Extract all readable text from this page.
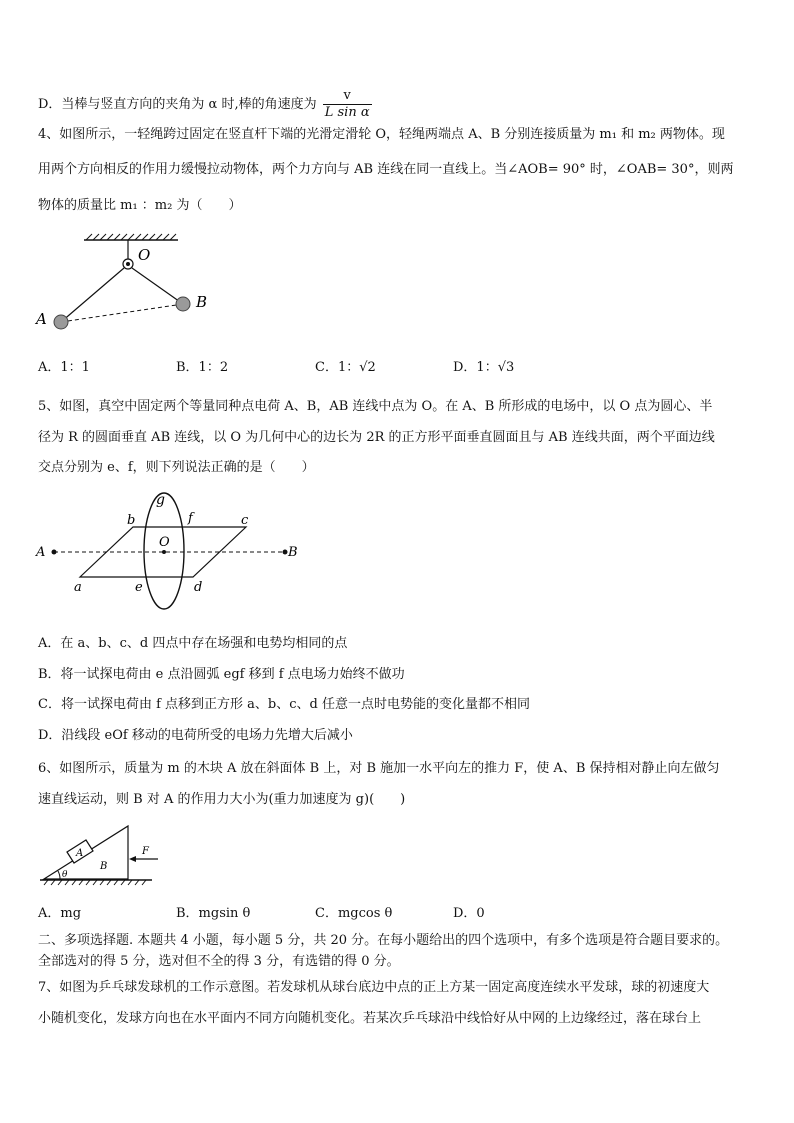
D．当棒与竖直方向的夹角为 α 时,棒的角速度为 $\frac{v}{\text{L sin α}}$
4、如图所示，一轻绳跨过固定在竖直杆下端的光滑定滑轮 O，轻绳两端点 A、B 分别连接质量为 m₁ 和 m₂ 两物体。现
用两个方向相反的作用力缓慢拉动物体，两个力方向与 AB 连线在同一直线上。当∠AOB= 90° 时，∠OAB= 30°，则两
物体的质量比 m₁ ：m₂ 为（　　）
O
A
B
A．1：1	B．1：2	C．1：√2	D．1：√3
5、如图，真空中固定两个等量同种点电荷 A、B，AB 连线中点为 O。在 A、B 所形成的电场中，以 O 点为圆心、半
径为 R 的圆面垂直 AB 连线，以 O 为几何中心的边长为 2R 的正方形平面垂直圆面且与 AB 连线共面，两个平面边线
交点分别为 e、f，则下列说法正确的是（　　）
g
b	f	c
A
O
B
a	e	d
A．在 a、b、c、d 四点中存在场强和电势均相同的点
B．将一试探电荷由 e 点沿圆弧 egf 移到 f 点电场力始终不做功
C．将一试探电荷由 f 点移到正方形 a、b、c、d 任意一点时电势能的变化量都不相同
D．沿线段 eOf 移动的电荷所受的电场力先增大后减小
6、如图所示，质量为 m 的木块 A 放在斜面体 B 上，对 B 施加一水平向左的推力 F，使 A、B 保持相对静止向左做匀
速直线运动，则 B 对 A 的作用力大小为(重力加速度为 g)(　　)
A
B
F
θ
A．mg	B．mgsin θ	C．mgcos θ	D．0
二、多项选择题. 本题共 4 小题，每小题 5 分，共 20 分。在每小题给出的四个选项中，有多个选项是符合题目要求的。
全部选对的得 5 分，选对但不全的得 3 分，有选错的得 0 分。
7、如图为乒乓球发球机的工作示意图。若发球机从球台底边中点的正上方某一固定高度连续水平发球，球的初速度大
小随机变化，发球方向也在水平面内不同方向随机变化。若某次乒乓球沿中线恰好从中网的上边缘经过，落在球台上
